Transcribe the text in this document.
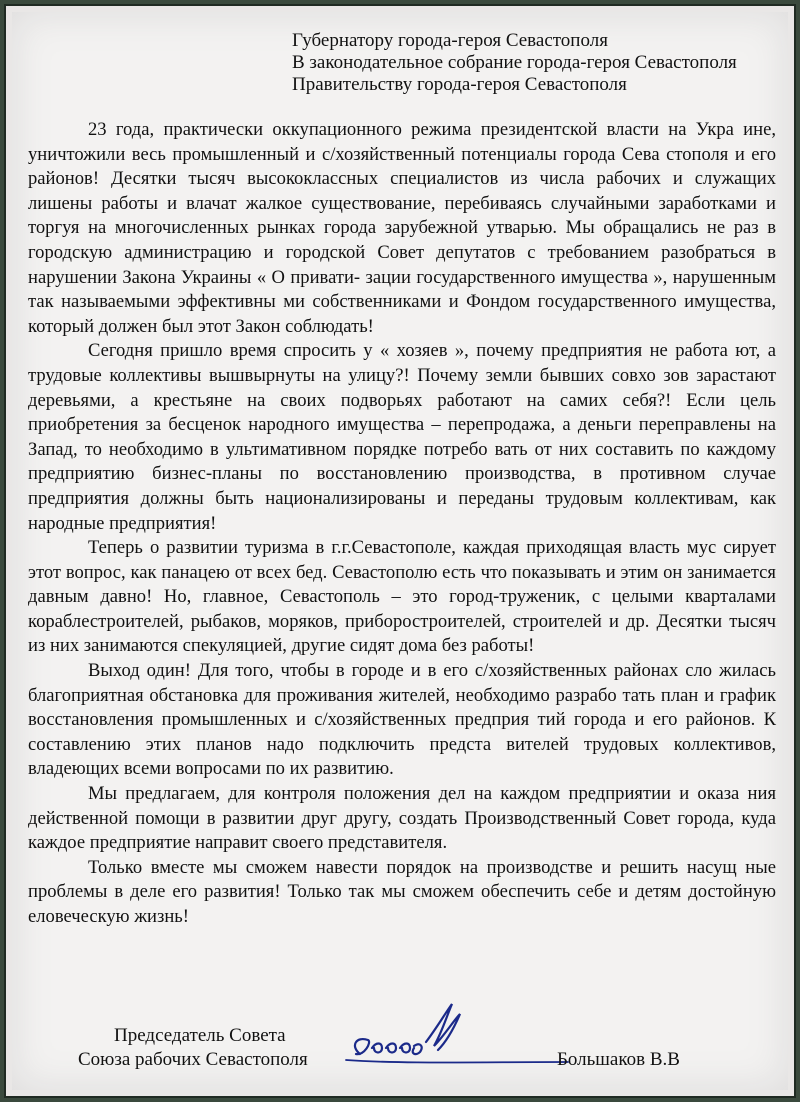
Губернатору города-героя Севастополя
В законодательное собрание города-героя Севастополя
Правительству города-героя Севастополя

23 года, практически оккупационного режима президентской власти на Укра ине, уничтожили весь промышленный и с/хозяйственный потенциалы города Сева стополя и его районов! Десятки тысяч высококлассных специалистов из числа рабочих и служащих лишены работы и влачат жалкое существование, перебиваясь случайными заработками и торгуя на многочисленных рынках города зарубежной утварью. Мы обращались не раз в городскую администрацию и городской Совет депутатов с требованием разобраться в нарушении Закона Украины « О привати- зации государственного имущества », нарушенным так называемыми эффективны ми собственниками и Фондом государственного имущества, который должен был этот Закон соблюдать!

Сегодня пришло время спросить у « хозяев », почему предприятия не работа ют, а трудовые коллективы вышвырнуты на улицу?! Почему земли бывших совхо зов зарастают деревьями, а крестьяне на своих подворьях работают на самих себя?! Если цель приобретения за бесценок народного имущества – перепродажа, а деньги переправлены на Запад, то необходимо в ультимативном порядке потребо вать от них составить по каждому предприятию бизнес-планы по восстановлению производства, в противном случае предприятия должны быть национализированы и переданы трудовым коллективам, как народные предприятия!

Теперь о развитии туризма в г.г.Севастополе, каждая приходящая власть мус сирует этот вопрос, как панацею от всех бед. Севастополю есть что показывать и этим он занимается давным давно! Но, главное, Севастополь – это город-труженик, с целыми кварталами кораблестроителей, рыбаков, моряков, приборостроителей, строителей и др. Десятки тысяч из них занимаются спекуляцией, другие сидят дома без работы!

Выход один! Для того, чтобы в городе и в его с/хозяйственных районах сло жилась благоприятная обстановка для проживания жителей, необходимо разрабо тать план и график восстановления промышленных и с/хозяйственных предприя тий города и его районов. К составлению этих планов надо подключить предста вителей трудовых коллективов, владеющих всеми вопросами по их развитию.

Мы предлагаем, для контроля положения дел на каждом предприятии и оказа ния действенной помощи в развитии друг другу, создать Производственный Совет города, куда каждое предприятие направит своего представителя.

Только вместе мы сможем навести порядок на производстве и решить насущ ные проблемы в деле его развития! Только так мы сможем обеспечить себе и детям достойную еловеческую жизнь!

Председатель Совета
Союза рабочих Севастополя	Большаков В.В
